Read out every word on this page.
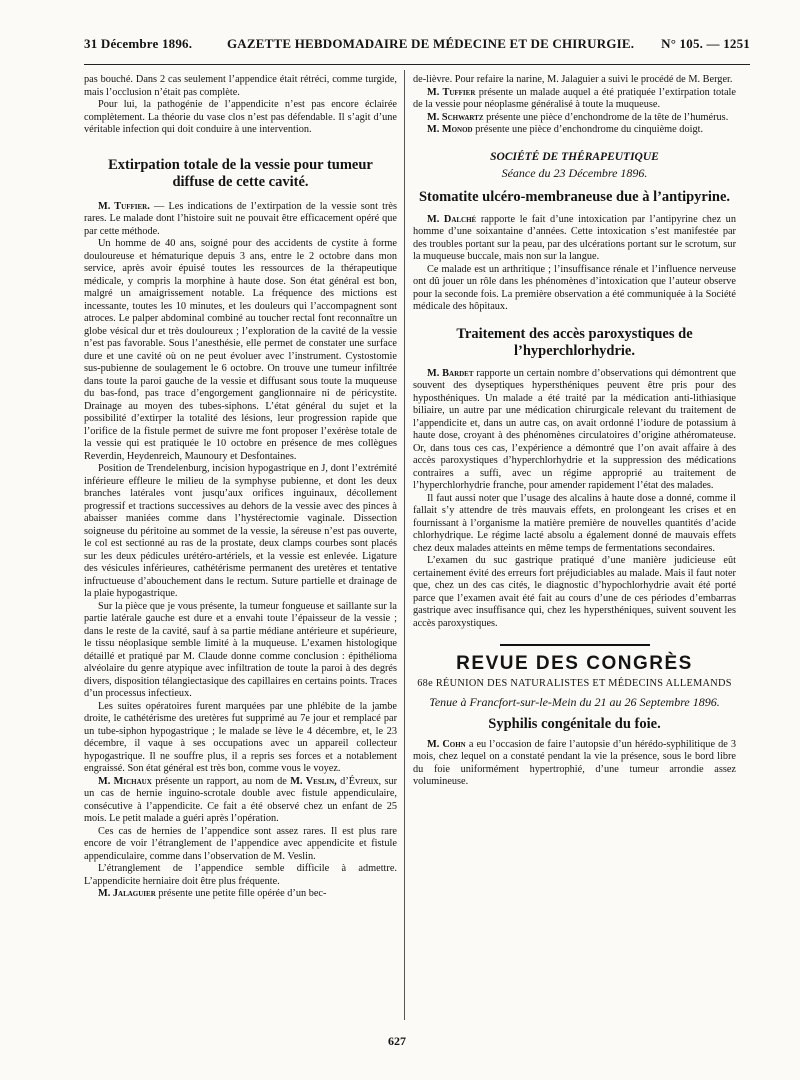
31 Décembre 1896.	GAZETTE HEBDOMADAIRE DE MÉDECINE ET DE CHIRURGIE. N° 105. — 1251

pas bouché. Dans 2 cas seulement l’appendice était rétréci, comme turgide, mais l’occlusion n’était pas complète.

Pour lui, la pathogénie de l’appendicite n’est pas encore éclairée complètement. La théorie du vase clos n’est pas défendable. Il s’agit d’une véritable infection qui doit conduire à une intervention.

Extirpation totale de la vessie pour tumeur diffuse de cette cavité.

M. Tuffier. — Les indications de l’extirpation de la vessie sont très rares. Le malade dont l’histoire suit ne pouvait être efficacement opéré que par cette méthode.

Un homme de 40 ans, soigné pour des accidents de cystite à forme douloureuse et hématurique depuis 3 ans, entre le 2 octobre dans mon service, après avoir épuisé toutes les ressources de la thérapeutique médicale, y compris la morphine à haute dose. Son état général est bon, malgré un amaigrissement notable. La fréquence des mictions est incessante, toutes les 10 minutes, et les douleurs qui l’accompagnent sont atroces. Le palper abdominal combiné au toucher rectal font reconnaître un globe vésical dur et très douloureux ; l’exploration de la cavité de la vessie n’est pas favorable. Sous l’anesthésie, elle permet de constater une surface dure et une cavité où on ne peut évoluer avec l’instrument. Cystostomie sus-pubienne de soulagement le 6 octobre. On trouve une tumeur infiltrée dans toute la paroi gauche de la vessie et diffusant sous toute la muqueuse du bas-fond, pas trace d’engorgement ganglionnaire ni de péricystite. Drainage au moyen des tubes-siphons. L’état général du sujet et la possibilité d’extirper la totalité des lésions, leur progression rapide que l’orifice de la fistule permet de suivre me font proposer l’exérèse totale de la vessie qui est pratiquée le 10 octobre en présence de mes collègues Reverdin, Heydenreich, Maunoury et Desfontaines.

Position de Trendelenburg, incision hypogastrique en J, dont l’extrémité inférieure effleure le milieu de la symphyse pubienne, et dont les deux branches latérales vont jusqu’aux orifices inguinaux, décollement progressif et tractions successives au dehors de la vessie avec des pinces à abaisser maniées comme dans l’hystérectomie vaginale. Dissection soigneuse du péritoine au sommet de la vessie, la séreuse n’est pas ouverte, le col est sectionné au ras de la prostate, deux clamps courbes sont placés sur les deux pédicules urétéro-artériels, et la vessie est enlevée. Ligature des vésicules inférieures, cathétérisme permanent des uretères et tentative infructueuse d’abouchement dans le rectum. Suture partielle et drainage de la plaie hypogastrique.

Sur la pièce que je vous présente, la tumeur fongueuse et saillante sur la partie latérale gauche est dure et a envahi toute l’épaisseur de la vessie ; dans le reste de la cavité, sauf à sa partie médiane antérieure et supérieure, le tissu néoplasique semble limité à la muqueuse. L’examen histologique détaillé et pratiqué par M. Claude donne comme conclusion : épithélioma alvéolaire du genre atypique avec infiltration de toute la paroi à des degrés divers, disposition télangiectasique des capillaires en certains points. Traces d’un processus infectieux.

Les suites opératoires furent marquées par une phlébite de la jambe droite, le cathétérisme des uretères fut supprimé au 7e jour et remplacé par un tube-siphon hypogastrique ; le malade se lève le 4 décembre, et, le 23 décembre, il vaque à ses occupations avec un appareil collecteur hypogastrique. Il ne souffre plus, il a repris ses forces et a notablement engraissé. Son état général est très bon, comme vous le voyez.

M. Michaux présente un rapport, au nom de M. Veslin, d’Évreux, sur un cas de hernie inguino-scrotale double avec fistule appendiculaire, consécutive à l’appendicite. Ce fait a été observé chez un enfant de 25 mois. Le petit malade a guéri après l’opération.

Ces cas de hernies de l’appendice sont assez rares. Il est plus rare encore de voir l’étranglement de l’appendice avec appendicite et fistule appendiculaire, comme dans l’observation de M. Veslin.

L’étranglement de l’appendice semble difficile à admettre. L’appendicite herniaire doit être plus fréquente.

M. Jalaguier présente une petite fille opérée d’un bec-

de-lièvre. Pour refaire la narine, M. Jalaguier a suivi le procédé de M. Berger.

M. Tuffier présente un malade auquel a été pratiquée l’extirpation totale de la vessie pour néoplasme généralisé à toute la muqueuse.

M. Schwartz présente une pièce d’enchondrome de la tête de l’humérus.

M. Monod présente une pièce d’enchondrome du cinquième doigt.

SOCIÉTÉ DE THÉRAPEUTIQUE
Séance du 23 Décembre 1896.
Stomatite ulcéro-membraneuse due à l’antipyrine.

M. Dalché rapporte le fait d’une intoxication par l’antipyrine chez un homme d’une soixantaine d’années. Cette intoxication s’est manifestée par des troubles portant sur la peau, par des ulcérations portant sur le scrotum, sur la muqueuse buccale, mais non sur la langue.

Ce malade est un arthritique ; l’insuffisance rénale et l’influence nerveuse ont dû jouer un rôle dans les phénomènes d’intoxication que l’auteur observe pour la seconde fois. La première observation a été communiquée à la Société médicale des hôpitaux.

Traitement des accès paroxystiques de l’hyperchlorhydrie.

M. Bardet rapporte un certain nombre d’observations qui démontrent que souvent des dyseptiques hypersthéniques peuvent être pris pour des hyposthéniques. Un malade a été traité par la médication anti-lithiasique biliaire, un autre par une médication chirurgicale relevant du traitement de l’appendicite et, dans un autre cas, on avait ordonné l’iodure de potassium à haute dose, croyant à des phénomènes circulatoires d’origine athéromateuse. Or, dans tous ces cas, l’expérience a démontré que l’on avait affaire à des accès paroxystiques d’hyperchlorhydrie et la suppression des médications contraires a suffi, avec un régime approprié au traitement de l’hyperchlorhydrie franche, pour amender rapidement l’état des malades.

Il faut aussi noter que l’usage des alcalins à haute dose a donné, comme il fallait s’y attendre de très mauvais effets, en prolongeant les crises et en fournissant à l’organisme la matière première de nouvelles quantités d’acide chlorhydrique. Le régime lacté absolu a également donné de mauvais effets chez deux malades atteints en même temps de fermentations secondaires.

L’examen du suc gastrique pratiqué d’une manière judicieuse eût certainement évité des erreurs fort préjudiciables au malade. Mais il faut noter que, chez un des cas cités, le diagnostic d’hypochlorhydrie avait été porté parce que l’examen avait été fait au cours d’une de ces périodes d’embarras gastrique avec insuffisance qui, chez les hypersthéniques, suivent souvent les accès paroxystiques.

REVUE DES CONGRÈS
68e RÉUNION DES NATURALISTES ET MÉDECINS ALLEMANDS
Tenue à Francfort-sur-le-Mein du 21 au 26 Septembre 1896.
Syphilis congénitale du foie.

M. Cohn a eu l’occasion de faire l’autopsie d’un hérédo-syphilitique de 3 mois, chez lequel on a constaté pendant la vie la présence, sous le bord libre du foie uniformément hypertrophié, d’une tumeur arrondie assez volumineuse.

627
